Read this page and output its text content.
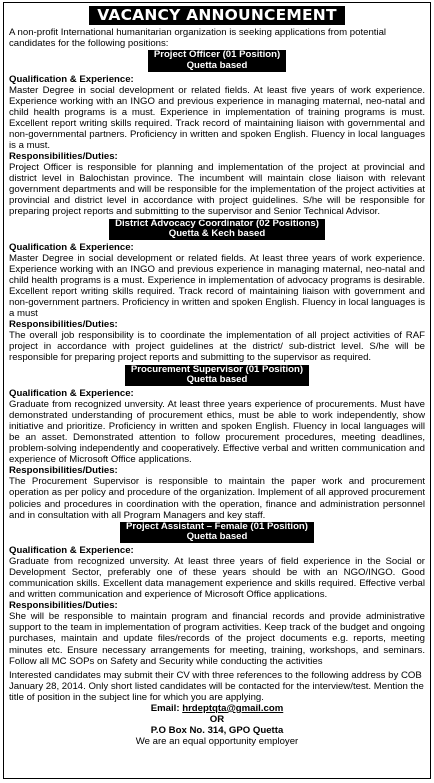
VACANCY ANNOUNCEMENT
A non-profit International humanitarian organization is seeking applications from potential candidates for the following positions:
Project Officer (01 Position)
Quetta based
Qualification & Experience:
Master Degree in social development or related fields. At least five years of work experience. Experience working with an INGO and previous experience in managing maternal, neo-natal and child health programs is a must. Experience in implementation of training programs is must. Excellent report writing skills required. Track record of maintaining liaison with governmental and non-governmental partners. Proficiency in written and spoken English. Fluency in local languages is a must.
Responsibilities/Duties:
Project Officer is responsible for planning and implementation of the project at provincial and district level in Balochistan province. The incumbent will maintain close liaison with relevant government departments and will be responsible for the implementation of the project activities at provincial and district level in accordance with project guidelines. S/he will be responsible for preparing project reports and submitting to the supervisor and Senior Technical Advisor.
District Advocacy Coordinator (02 Positions)
Quetta & Kech based
Qualification & Experience:
Master Degree in social development or related fields. At least three years of work experience. Experience working with an INGO and previous experience in managing maternal, neo-natal and child health programs is a must. Experience in implementation of advocacy programs is desirable. Excellent report writing skills required. Track record of maintaining liaison with government and non-government partners. Proficiency in written and spoken English. Fluency in local languages is a must
Responsibilities/Duties:
The overall job responsibility is to coordinate the implementation of all project activities of RAF project in accordance with project guidelines at the district/ sub-district level. S/he will be responsible for preparing project reports and submitting to the supervisor as required.
Procurement Supervisor (01 Position)
Quetta based
Qualification & Experience:
Graduate from recognized unversity. At least three years experience of procurements. Must have demonstrated understanding of procurement ethics, must be able to work independently, show initiative and prioritize. Proficiency in written and spoken English. Fluency in local languages will be an asset. Demonstrated attention to follow procurement procedures, meeting deadlines, problem-solving independently and cooperatively. Effective verbal and written communication and experience of Microsoft Office applications.
Responsibilities/Duties:
The Procurement Supervisor is responsible to maintain the paper work and procurement operation as per policy and procedure of the organization. Implement of all approved procurement policies and procedures in coordination with the operation, finance and administration personnel and in consultation with all Program Managers and key staff.
Project Assistant – Female (01 Position)
Quetta based
Qualification & Experience:
Graduate from recognized unversity. At least three years of field experience in the Social or Development Sector, preferably one of these years should be with an NGO/INGO. Good communication skills. Excellent data management experience and skills required. Effective verbal and written communication and experience of Microsoft Office applications.
Responsibilities/Duties:
She will be responsible to maintain program and financial records and provide administrative support to the team in implementation of program activities. Keep track of the budget and ongoing purchases, maintain and update files/records of the project documents e.g. reports, meeting minutes etc. Ensure necessary arrangements for meeting, training, workshops, and seminars. Follow all MC SOPs on Safety and Security while conducting the activities
Interested candidates may submit their CV with three references to the following address by COB January 28, 2014. Only short listed candidates will be contacted for the interview/test. Mention the title of position in the subject line for which you are applying.
Email: hrdeptqta@gmail.com
OR
P.O Box No. 314, GPO Quetta
We are an equal opportunity employer
